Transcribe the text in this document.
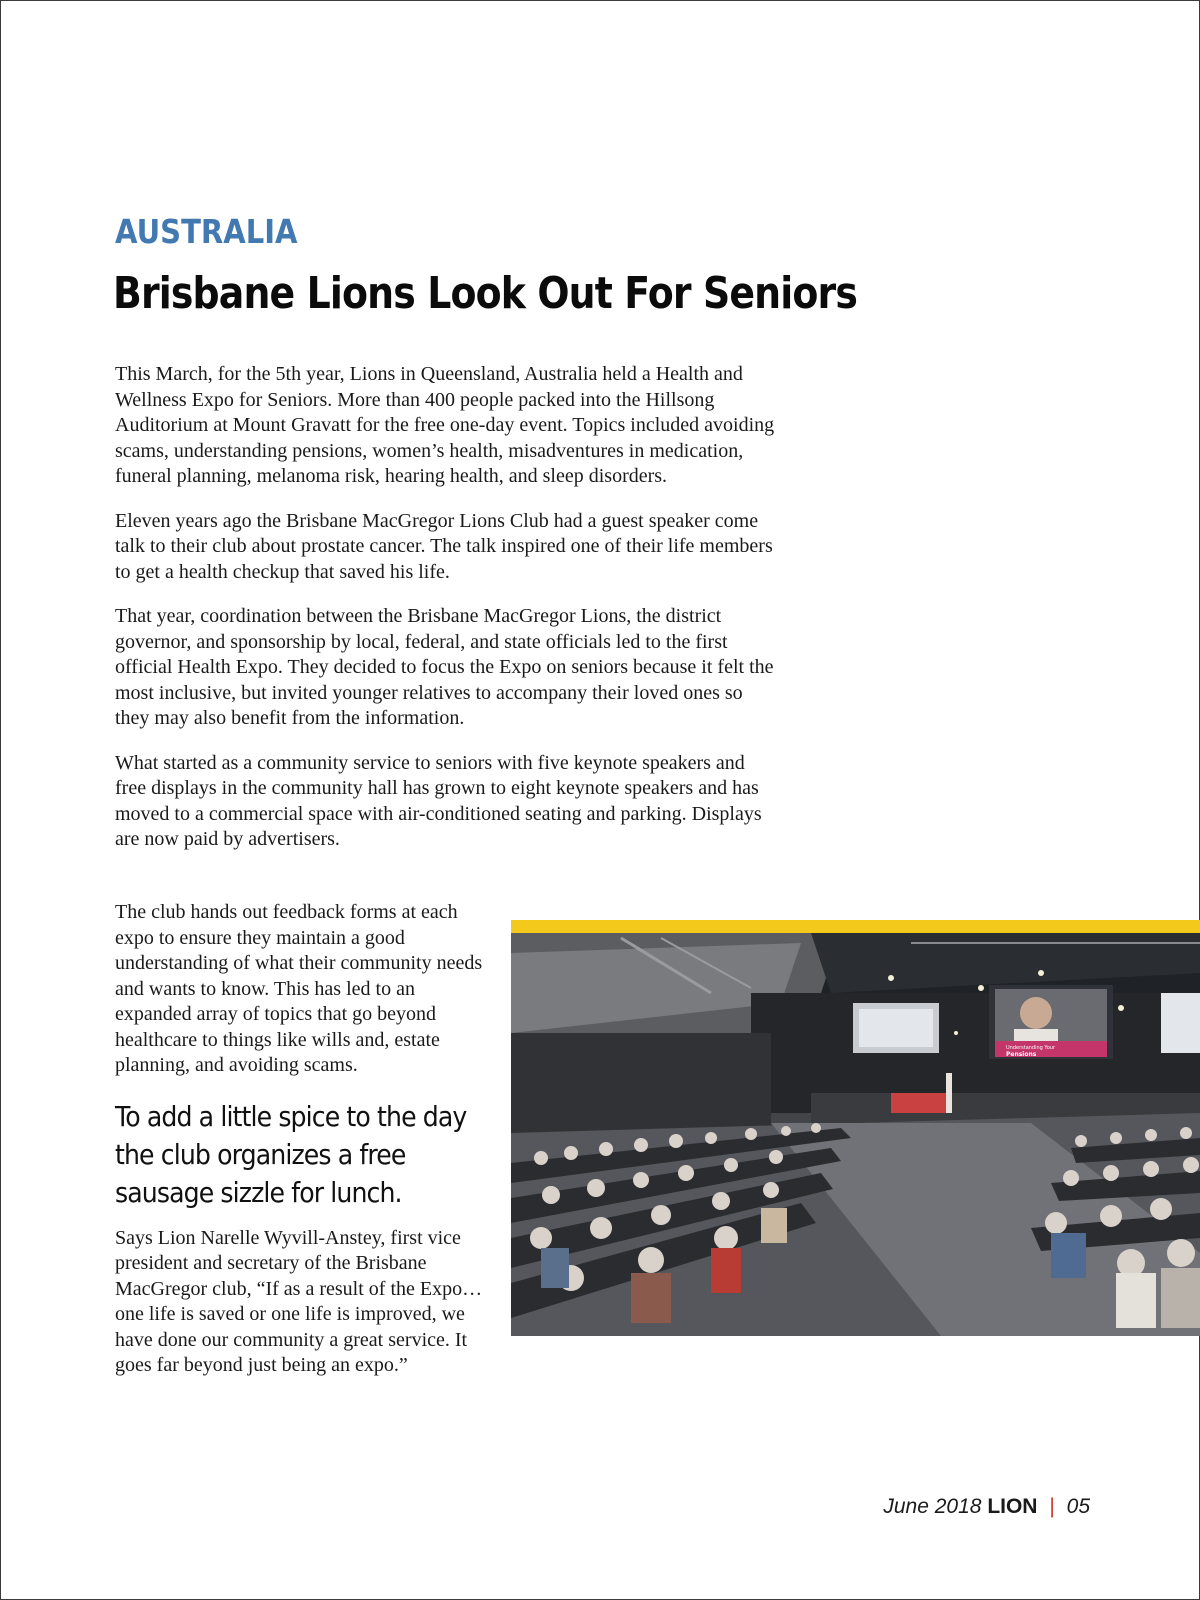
AUSTRALIA
Brisbane Lions Look Out For Seniors

This March, for the 5th year, Lions in Queensland, Australia held a Health and Wellness Expo for Seniors. More than 400 people packed into the Hillsong Auditorium at Mount Gravatt for the free one-day event. Topics included avoiding scams, understanding pensions, women’s health, misadventures in medication, funeral planning, melanoma risk, hearing health, and sleep disorders.

Eleven years ago the Brisbane MacGregor Lions Club had a guest speaker come talk to their club about prostate cancer. The talk inspired one of their life members to get a health checkup that saved his life.

That year, coordination between the Brisbane MacGregor Lions, the district governor, and sponsorship by local, federal, and state officials led to the first official Health Expo. They decided to focus the Expo on seniors because it felt the most inclusive, but invited younger relatives to accompany their loved ones so they may also benefit from the information.

What started as a community service to seniors with five keynote speakers and free displays in the community hall has grown to eight keynote speakers and has moved to a commercial space with air-conditioned seating and parking. Displays are now paid by advertisers.

The club hands out feedback forms at each expo to ensure they maintain a good understanding of what their community needs and wants to know. This has led to an expanded array of topics that go beyond healthcare to things like wills and, estate planning, and avoiding scams.

To add a little spice to the day the club organizes a free sausage sizzle for lunch.

Says Lion Narelle Wyvill-Anstey, first vice president and secretary of the Brisbane MacGregor club, “If as a result of the Expo…one life is saved or one life is improved, we have done our community a great service. It goes far beyond just being an expo.”

Understanding Your
Pensions
June 2018 LION | 05
